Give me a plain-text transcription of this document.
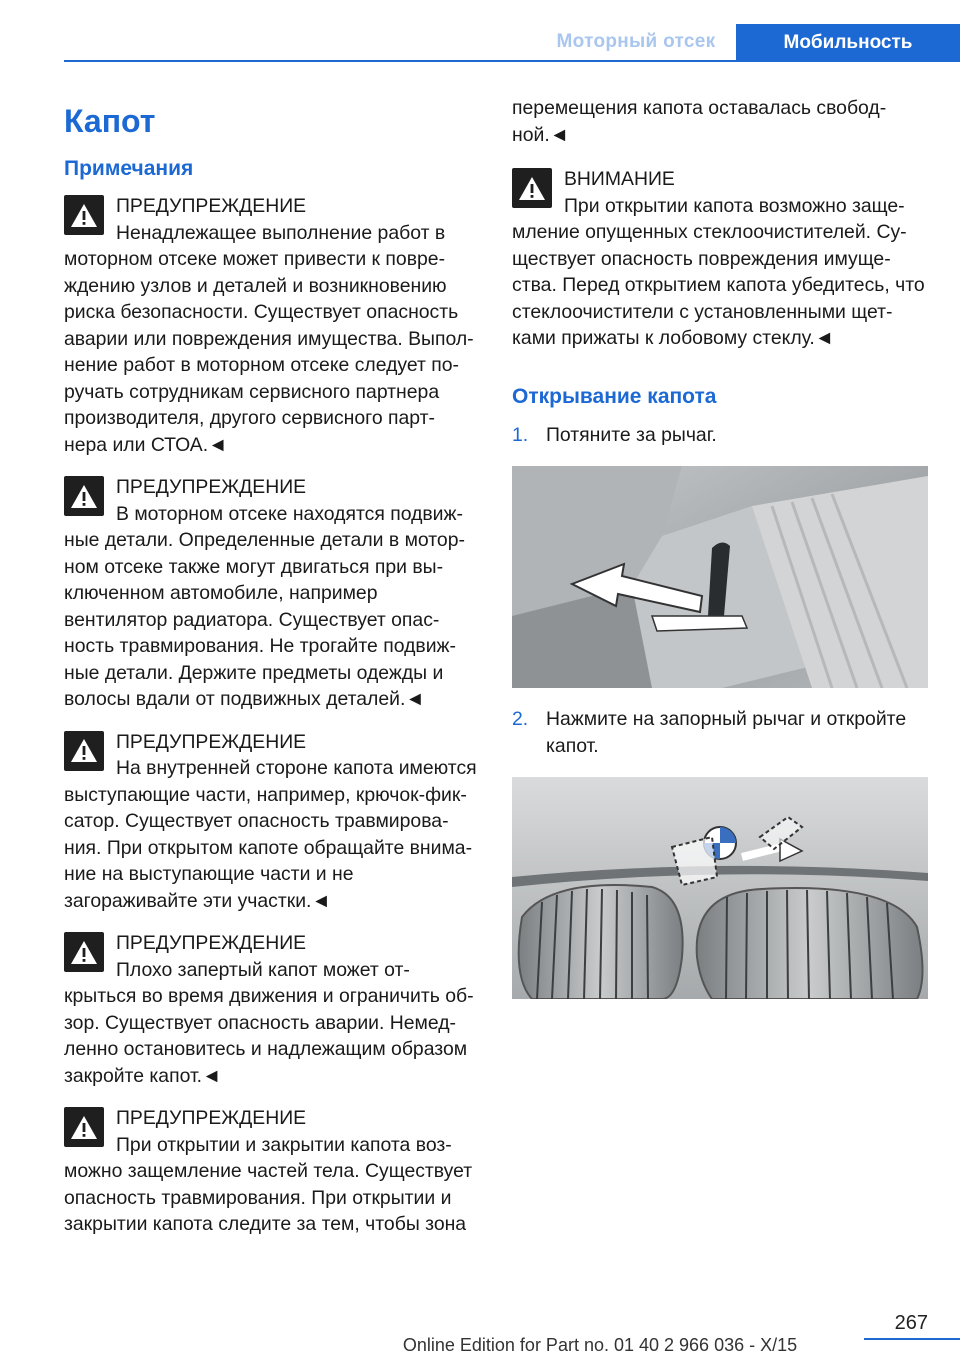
Моторный отсек	Мобильность
Капот
Примечания
ПРЕДУПРЕЖДЕНИЕ
Ненадлежащее выполнение работ в
моторном отсеке может привести к повре-
ждению узлов и деталей и возникновению
риска безопасности. Существует опасность
аварии или повреждения имущества. Выпол-
нение работ в моторном отсеке следует по-
ручать сотрудникам сервисного партнера
производителя, другого сервисного парт-
нера или СТОА.◄
ПРЕДУПРЕЖДЕНИЕ
В моторном отсеке находятся подвиж-
ные детали. Определенные детали в мотор-
ном отсеке также могут двигаться при вы-
ключенном автомобиле, например
вентилятор радиатора. Существует опас-
ность травмирования. Не трогайте подвиж-
ные детали. Держите предметы одежды и
волосы вдали от подвижных деталей.◄
ПРЕДУПРЕЖДЕНИЕ
На внутренней стороне капота имеются
выступающие части, например, крючок-фик-
сатор. Существует опасность травмирова-
ния. При открытом капоте обращайте внима-
ние на выступающие части и не
загораживайте эти участки.◄
ПРЕДУПРЕЖДЕНИЕ
Плохо запертый капот может от-
крыться во время движения и ограничить об-
зор. Существует опасность аварии. Немед-
ленно остановитесь и надлежащим образом
закройте капот.◄
ПРЕДУПРЕЖДЕНИЕ
При открытии и закрытии капота воз-
можно защемление частей тела. Существует
опасность травмирования. При открытии и
закрытии капота следите за тем, чтобы зона
перемещения капота оставалась свобод-
ной.◄
ВНИМАНИЕ
При открытии капота возможно заще-
мление опущенных стеклоочистителей. Су-
ществует опасность повреждения имуще-
ства. Перед открытием капота убедитесь, что
стеклоочистители с установленными щет-
ками прижаты к лобовому стеклу.◄
Открывание капота
1. Потяните за рычаг.
2. Нажмите на запорный рычаг и откройте капот.
267
Online Edition for Part no. 01 40 2 966 036 - X/15
